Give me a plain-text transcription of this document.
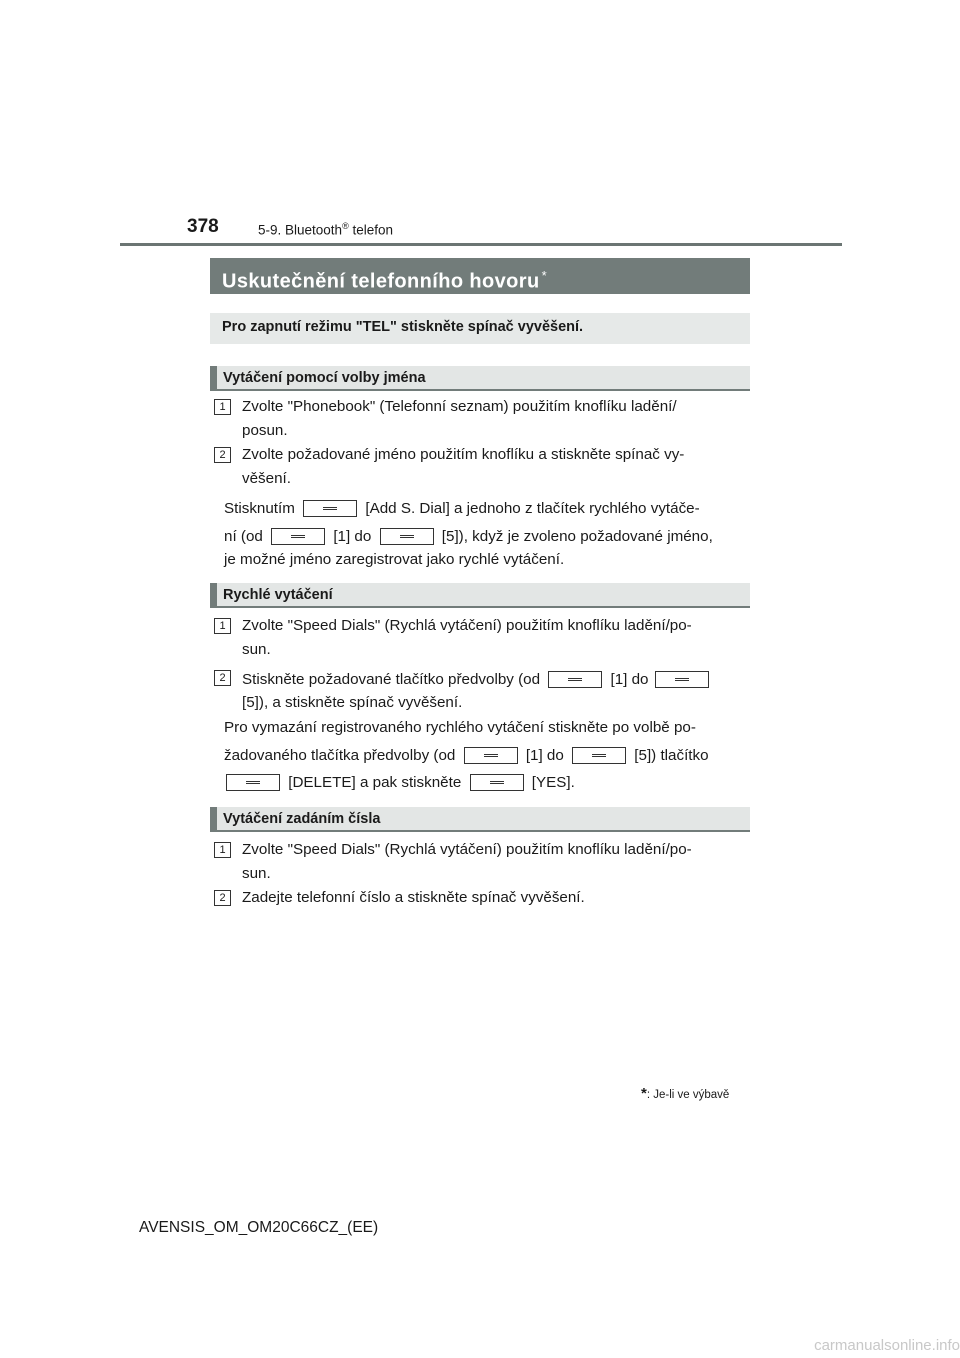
378	5-9. Bluetooth® telefon
Uskutečnění telefonního hovoru *
Pro zapnutí režimu "TEL" stiskněte spínač vyvěšení.
Vytáčení pomocí volby jména
1	Zvolte "Phonebook" (Telefonní seznam) použitím knoflíku ladění/
posun.
2	Zvolte požadované jméno použitím knoflíku a stiskněte spínač vy-
věšení.
Stisknutím	[Add S. Dial] a jednoho z tlačítek rychlého vytáče-
ní (od	[1] do	[5]), když je zvoleno požadované jméno,
je možné jméno zaregistrovat jako rychlé vytáčení.
Rychlé vytáčení
1	Zvolte "Speed Dials" (Rychlá vytáčení) použitím knoflíku ladění/po-
sun.
2	Stiskněte požadované tlačítko předvolby (od	[1] do
[5]), a stiskněte spínač vyvěšení.
Pro vymazání registrovaného rychlého vytáčení stiskněte po volbě po-
žadovaného tlačítka předvolby (od	[1] do	[5]) tlačítko
[DELETE] a pak stiskněte	[YES].
Vytáčení zadáním čísla
1	Zvolte "Speed Dials" (Rychlá vytáčení) použitím knoflíku ladění/po-
sun.
2	Zadejte telefonní číslo a stiskněte spínač vyvěšení.
*: Je-li ve výbavě
AVENSIS_OM_OM20C66CZ_(EE)
carmanualsonline.info
